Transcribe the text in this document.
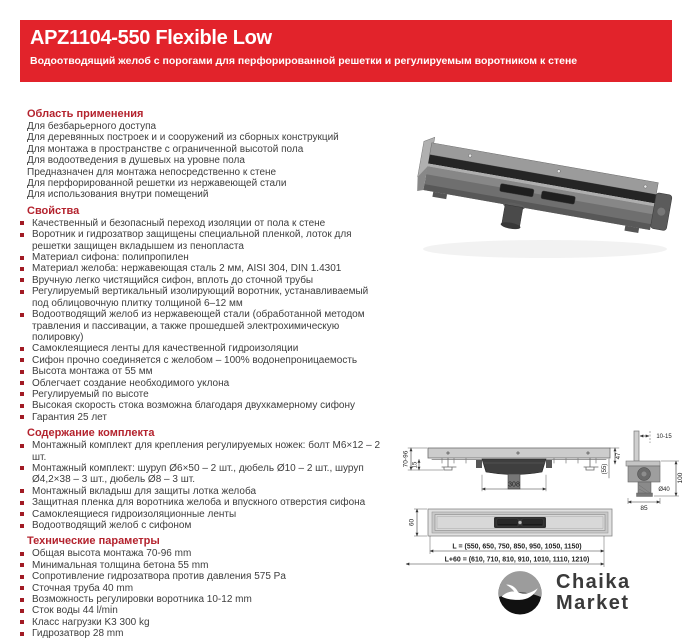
APZ1104-550 Flexible Low
Водоотводящий желоб с порогами для перфорированной решетки и регулируемым воротником к стене
Область применения
Для безбарьерного доступа
Для деревянных построек и и сооружений из сборных конструкций
Для монтажа в пространстве с ограниченной высотой пола
Для водоотведения в душевых на уровне пола
Предназначен для монтажа непосредственно к стене
Для перфорированной решетки из нержавеющей стали
Для использования внутри помещений
Свойства
Качественный и безопасный переход изоляции от пола к стене
Воротник и гидрозатвор защищены специальной пленкой, лоток для решетки защищен вкладышем из пенопласта
Материал сифона: полипропилен
Материал желоба: нержавеющая сталь 2 мм, AISI 304, DIN 1.4301
Вручную легко чистящийся сифон, вплоть до сточной трубы
Регулируемый вертикальный изолирующий воротник, устанавливаемый под облицовочную плитку толщиной 6–12 мм
Водоотводящий желоб из нержавеющей стали (обработанной методом травления и пассивации, а также прошедшей электрохимическую полировку)
Самоклеящиеся ленты для качественной гидроизоляции
Сифон прочно соединяется с желобом – 100% водонепроницаемость
Высота монтажа от 55 мм
Облегчает создание необходимого уклона
Регулируемый по высоте
Высокая скорость стока возможна благодаря двухкамерному сифону
Гарантия 25 лет
Содержание комплекта
Монтажный комплект для крепления регулируемых ножек: болт М6×12 – 2 шт.
Монтажный комплект: шуруп Ø6×50 – 2 шт., дюбель Ø10 – 2 шт., шуруп Ø4,2×38 – 3 шт., дюбель Ø8 – 3 шт.
Монтажный вкладыш для защиты лотка желоба
Защитная пленка для воротника желоба и впускного отверстия сифона
Самоклеящиеся гидроизоляционные ленты
Водоотводящий желоб с сифоном
Технические параметры
Общая высота монтажа 70-96 mm
Минимальная толщина бетона 55 mm
Сопротивление гидрозатвора против давления 575 Pa
Сточная труба 40 mm
Возможность регулировки воротника 10-12 mm
Сток воды 44 l/min
Класс нагрузки K3 300 kg
Гидрозатвор 28 mm
70-96 15
47
(55)
308
10-15
100
Ø40
85
60
L = (550, 650, 750, 850, 950, 1050, 1150)
L+60 = (610, 710, 810, 910, 1010, 1110, 1210)
Chaika
Market
